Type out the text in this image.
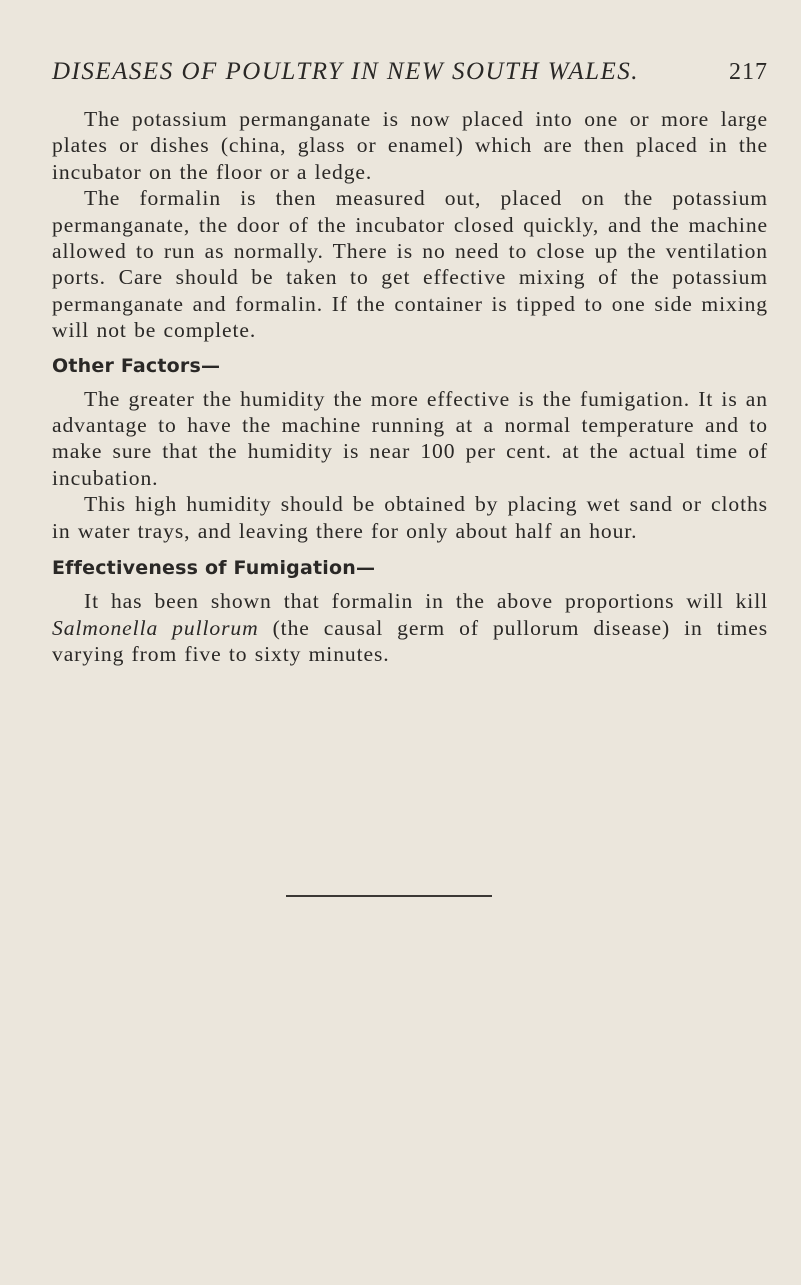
DISEASES OF POULTRY IN NEW SOUTH WALES.	217

The potassium permanganate is now placed into one or more large plates or dishes (china, glass or enamel) which are then placed in the incubator on the floor or a ledge.

The formalin is then measured out, placed on the potassium permanganate, the door of the incubator closed quickly, and the machine allowed to run as normally. There is no need to close up the ventilation ports. Care should be taken to get effective mixing of the potassium permanganate and formalin. If the container is tipped to one side mixing will not be complete.

Other Factors—

The greater the humidity the more effective is the fumigation. It is an advantage to have the machine running at a normal temperature and to make sure that the humidity is near 100 per cent. at the actual time of incubation.

This high humidity should be obtained by placing wet sand or cloths in water trays, and leaving there for only about half an hour.

Effectiveness of Fumigation—

It has been shown that formalin in the above proportions will kill Salmonella pullorum (the causal germ of pullorum disease) in times varying from five to sixty minutes.
